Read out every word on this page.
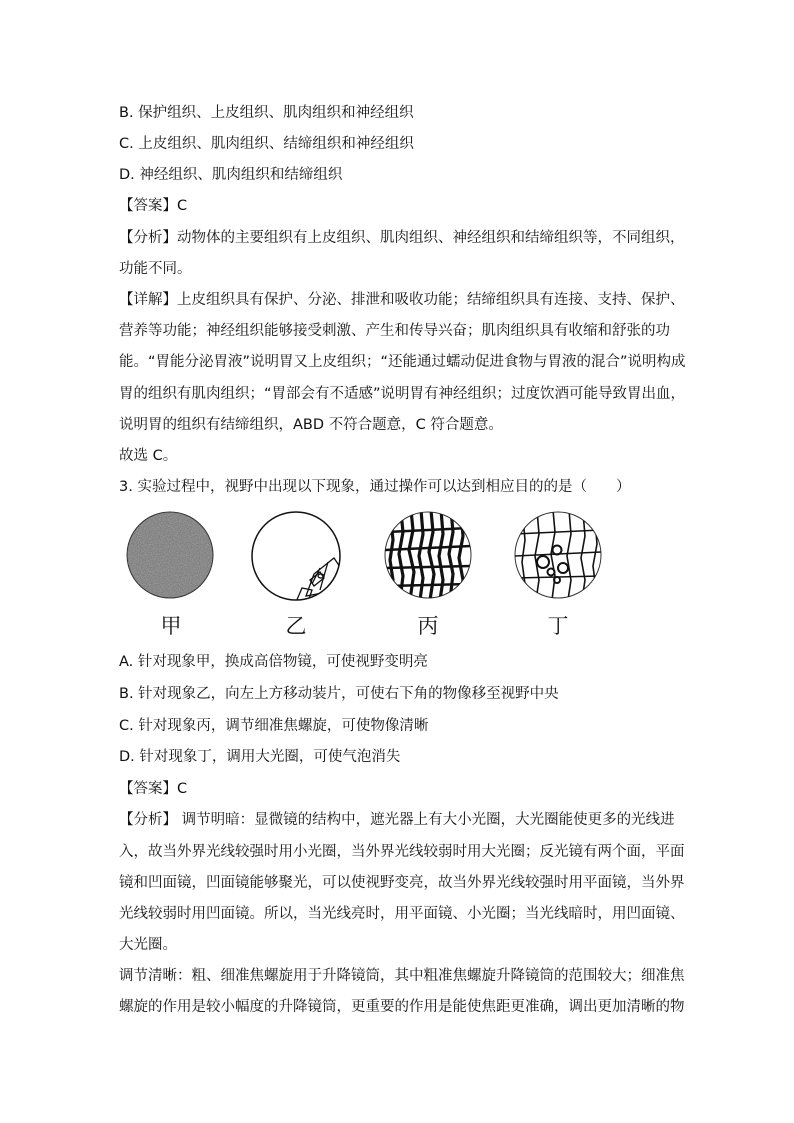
B. 保护组织、上皮组织、肌肉组织和神经组织
C. 上皮组织、肌肉组织、结缔组织和神经组织
D. 神经组织、肌肉组织和结缔组织
【答案】C
【分析】动物体的主要组织有上皮组织、肌肉组织、神经组织和结缔组织等，不同组织，
功能不同。
【详解】上皮组织具有保护、分泌、排泄和吸收功能；结缔组织具有连接、支持、保护、
营养等功能；神经组织能够接受刺激、产生和传导兴奋；肌肉组织具有收缩和舒张的功
能。“胃能分泌胃液”说明胃又上皮组织；“还能通过蠕动促进食物与胃液的混合”说明构成
胃的组织有肌肉组织；“胃部会有不适感”说明胃有神经组织；过度饮酒可能导致胃出血，
说明胃的组织有结缔组织，ABD 不符合题意，C 符合题意。
故选 C。
3. 实验过程中，视野中出现以下现象，通过操作可以达到相应目的的是（　　）
甲	乙	丙	丁
A. 针对现象甲，换成高倍物镜，可使视野变明亮
B. 针对现象乙，向左上方移动装片，可使右下角的物像移至视野中央
C. 针对现象丙，调节细准焦螺旋，可使物像清晰
D. 针对现象丁，调用大光圈，可使气泡消失
【答案】C
【分析】 调节明暗：显微镜的结构中，遮光器上有大小光圈，大光圈能使更多的光线进
入，故当外界光线较强时用小光圈，当外界光线较弱时用大光圈；反光镜有两个面，平面
镜和凹面镜，凹面镜能够聚光，可以使视野变亮，故当外界光线较强时用平面镜，当外界
光线较弱时用凹面镜。所以，当光线亮时，用平面镜、小光圈；当光线暗时，用凹面镜、
大光圈。
调节清晰：粗、细准焦螺旋用于升降镜筒，其中粗准焦螺旋升降镜筒的范围较大；细准焦
螺旋的作用是较小幅度的升降镜筒，更重要的作用是能使焦距更准确，调出更加清晰的物
